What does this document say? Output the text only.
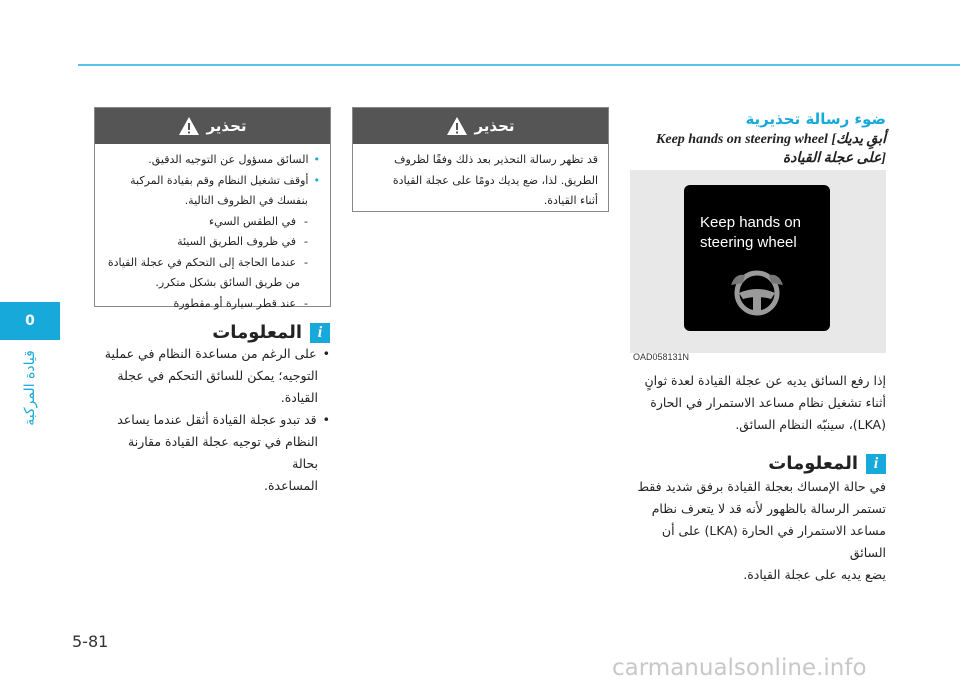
0
قيادة المركبة
ضوء رسالة تحذيرية
أبقِ يديك] Keep hands on steering wheel
[على عجلة القيادة
Keep hands on
steering wheel
OAD058131N
إذا رفع السائق يديه عن عجلة القيادة لعدة ثوانٍ
أثناء تشغيل نظام مساعد الاستمرار في الحارة
(LKA)، سينبّه النظام السائق.
i
المعلومات
في حالة الإمساك بعجلة القيادة برفق شديد فقط
تستمر الرسالة بالظهور لأنه قد لا يتعرف نظام
مساعد الاستمرار في الحارة (LKA) على أن السائق
يضع يديه على عجلة القيادة.
تحذير
قد تظهر رسالة التحذير بعد ذلك وفقًا لظروف
الطريق. لذا، ضع يديك دومًا على عجلة القيادة
أثناء القيادة.
تحذير
• السائق مسؤول عن التوجيه الدقيق.
• أوقف تشغيل النظام وقم بقيادة المركبة
بنفسك في الظروف التالية.
- في الطقس السيء
- في ظروف الطريق السيئة
- عندما الحاجة إلى التحكم في عجلة القيادة
من طريق السائق بشكل متكرر.
- عند قطر سيارة أو مقطورة
i
المعلومات
• على الرغم من مساعدة النظام في عملية
التوجيه؛ يمكن للسائق التحكم في عجلة
القيادة.
• قد تبدو عجلة القيادة أثقل عندما يساعد
النظام في توجيه عجلة القيادة مقارنة بحالة
المساعدة.
5-81
carmanualsonline.info
